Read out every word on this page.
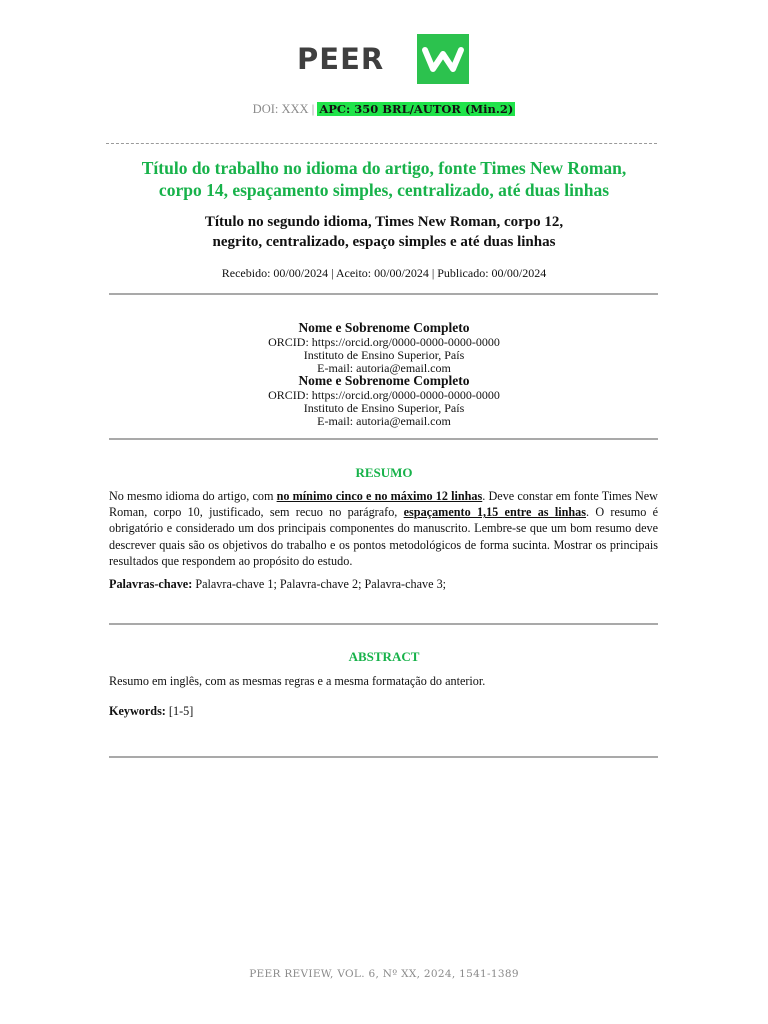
PEER
DOI: XXX | APC: 350 BRL/AUTOR (Min.2)
Título do trabalho no idioma do artigo, fonte Times New Roman,
corpo 14, espaçamento simples, centralizado, até duas linhas
Título no segundo idioma, Times New Roman, corpo 12,
negrito, centralizado, espaço simples e até duas linhas
Recebido: 00/00/2024 | Aceito: 00/00/2024 | Publicado: 00/00/2024
Nome e Sobrenome Completo
ORCID: https://orcid.org/0000-0000-0000-0000
Instituto de Ensino Superior, País
E-mail: autoria@email.com
Nome e Sobrenome Completo
ORCID: https://orcid.org/0000-0000-0000-0000
Instituto de Ensino Superior, País
E-mail: autoria@email.com
RESUMO
No mesmo idioma do artigo, com no mínimo cinco e no máximo 12 linhas. Deve constar em fonte Times New Roman, corpo 10, justificado, sem recuo no parágrafo, espaçamento 1,15 entre as linhas. O resumo é obrigatório e considerado um dos principais componentes do manuscrito. Lembre-se que um bom resumo deve descrever quais são os objetivos do trabalho e os pontos metodológicos de forma sucinta. Mostrar os principais resultados que respondem ao propósito do estudo.
Palavras-chave: Palavra-chave 1; Palavra-chave 2; Palavra-chave 3;
ABSTRACT
Resumo em inglês, com as mesmas regras e a mesma formatação do anterior.
Keywords: [1-5]
PEER REVIEW, VOL. 6, Nº XX, 2024, 1541-1389
